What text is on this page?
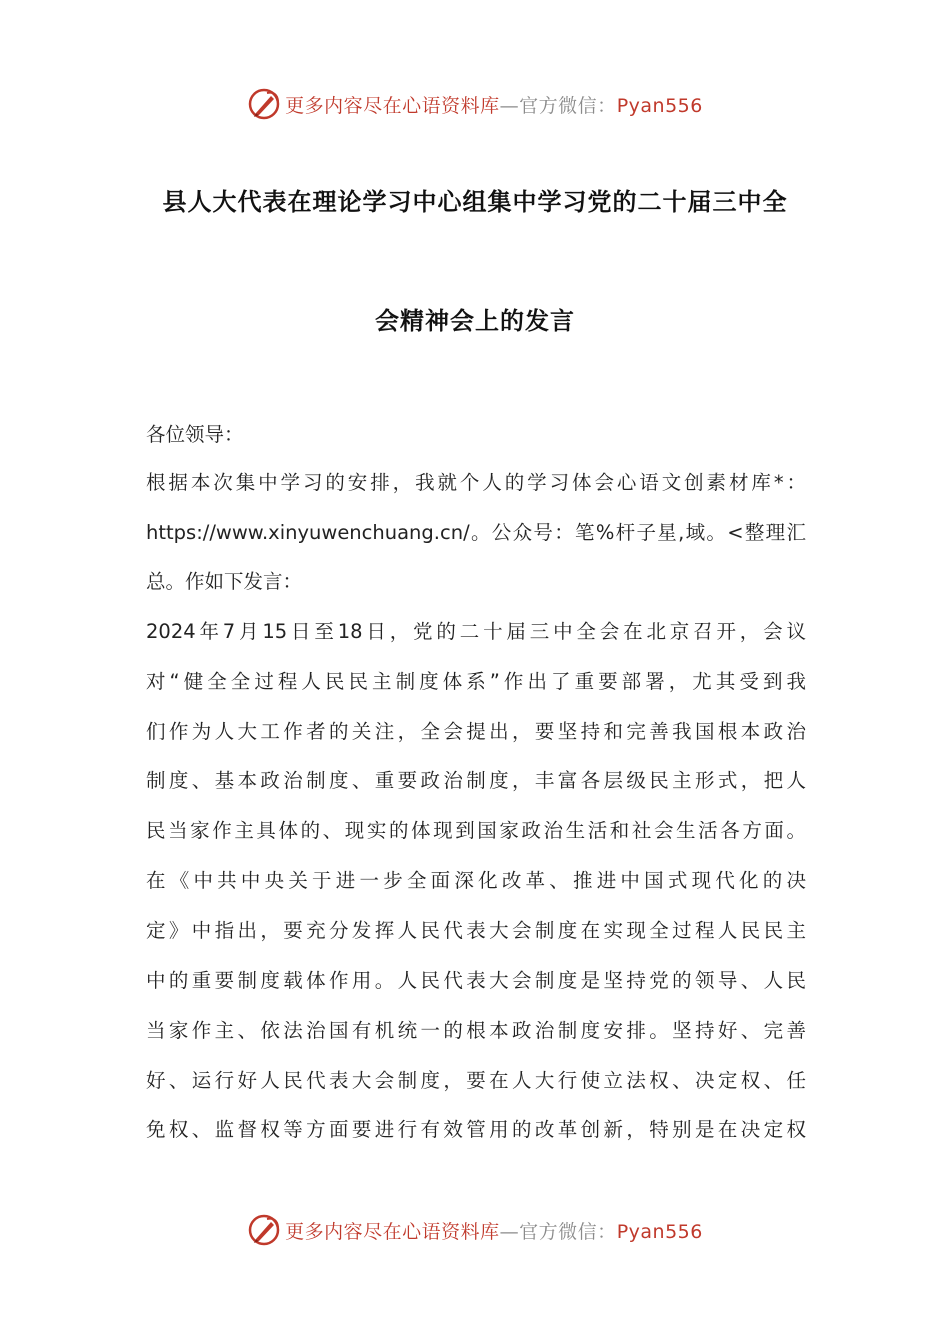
更多内容尽在心语资料库—官方微信：Pyan556
县人大代表在理论学习中心组集中学习党的二十届三中全
会精神会上的发言
各位领导：
根据本次集中学习的安排，我就个人的学习体会心语文创素材库*：
https://www.xinyuwenchuang.cn/。公众号：笔%杆子星,域。<整理汇
总。作如下发言：
2024年7月15日至18日，党的二十届三中全会在北京召开，会议
对“健全全过程人民民主制度体系”作出了重要部署，尤其受到我
们作为人大工作者的关注，全会提出，要坚持和完善我国根本政治
制度、基本政治制度、重要政治制度，丰富各层级民主形式，把人
民当家作主具体的、现实的体现到国家政治生活和社会生活各方面。
在《中共中央关于进一步全面深化改革、推进中国式现代化的决
定》中指出，要充分发挥人民代表大会制度在实现全过程人民民主
中的重要制度载体作用。人民代表大会制度是坚持党的领导、人民
当家作主、依法治国有机统一的根本政治制度安排。坚持好、完善
好、运行好人民代表大会制度，要在人大行使立法权、决定权、任
免权、监督权等方面要进行有效管用的改革创新，特别是在决定权
更多内容尽在心语资料库—官方微信：Pyan556
